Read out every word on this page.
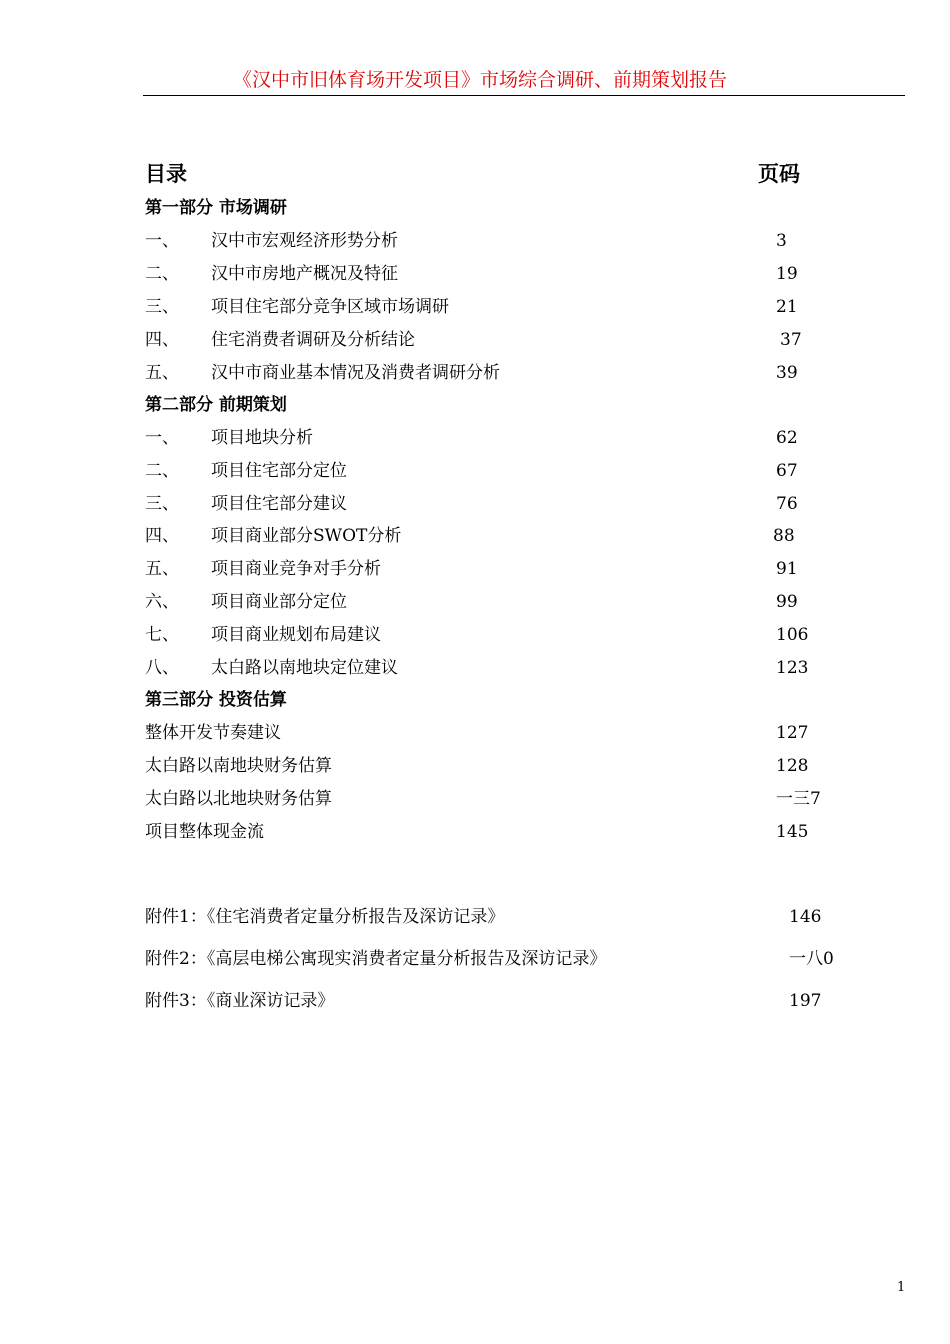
《汉中市旧体育场开发项目》市场综合调研、前期策划报告
目录	页码
第一部分 市场调研
一、 汉中市宏观经济形势分析	3
二、 汉中市房地产概况及特征	19
三、 项目住宅部分竞争区域市场调研	21
四、 住宅消费者调研及分析结论	37
五、 汉中市商业基本情况及消费者调研分析	39
第二部分 前期策划
一、 项目地块分析	62
二、 项目住宅部分定位	67
三、 项目住宅部分建议	76
四、 项目商业部分SWOT分析	88
五、 项目商业竞争对手分析	91
六、 项目商业部分定位	99
七、 项目商业规划布局建议	106
八、 太白路以南地块定位建议	123
第三部分 投资估算
整体开发节奏建议	127
太白路以南地块财务估算	128
太白路以北地块财务估算	一三7
项目整体现金流	145
附件1：《住宅消费者定量分析报告及深访记录》	146
附件2：《高层电梯公寓现实消费者定量分析报告及深访记录》	一八0
附件3：《商业深访记录》	197
1
